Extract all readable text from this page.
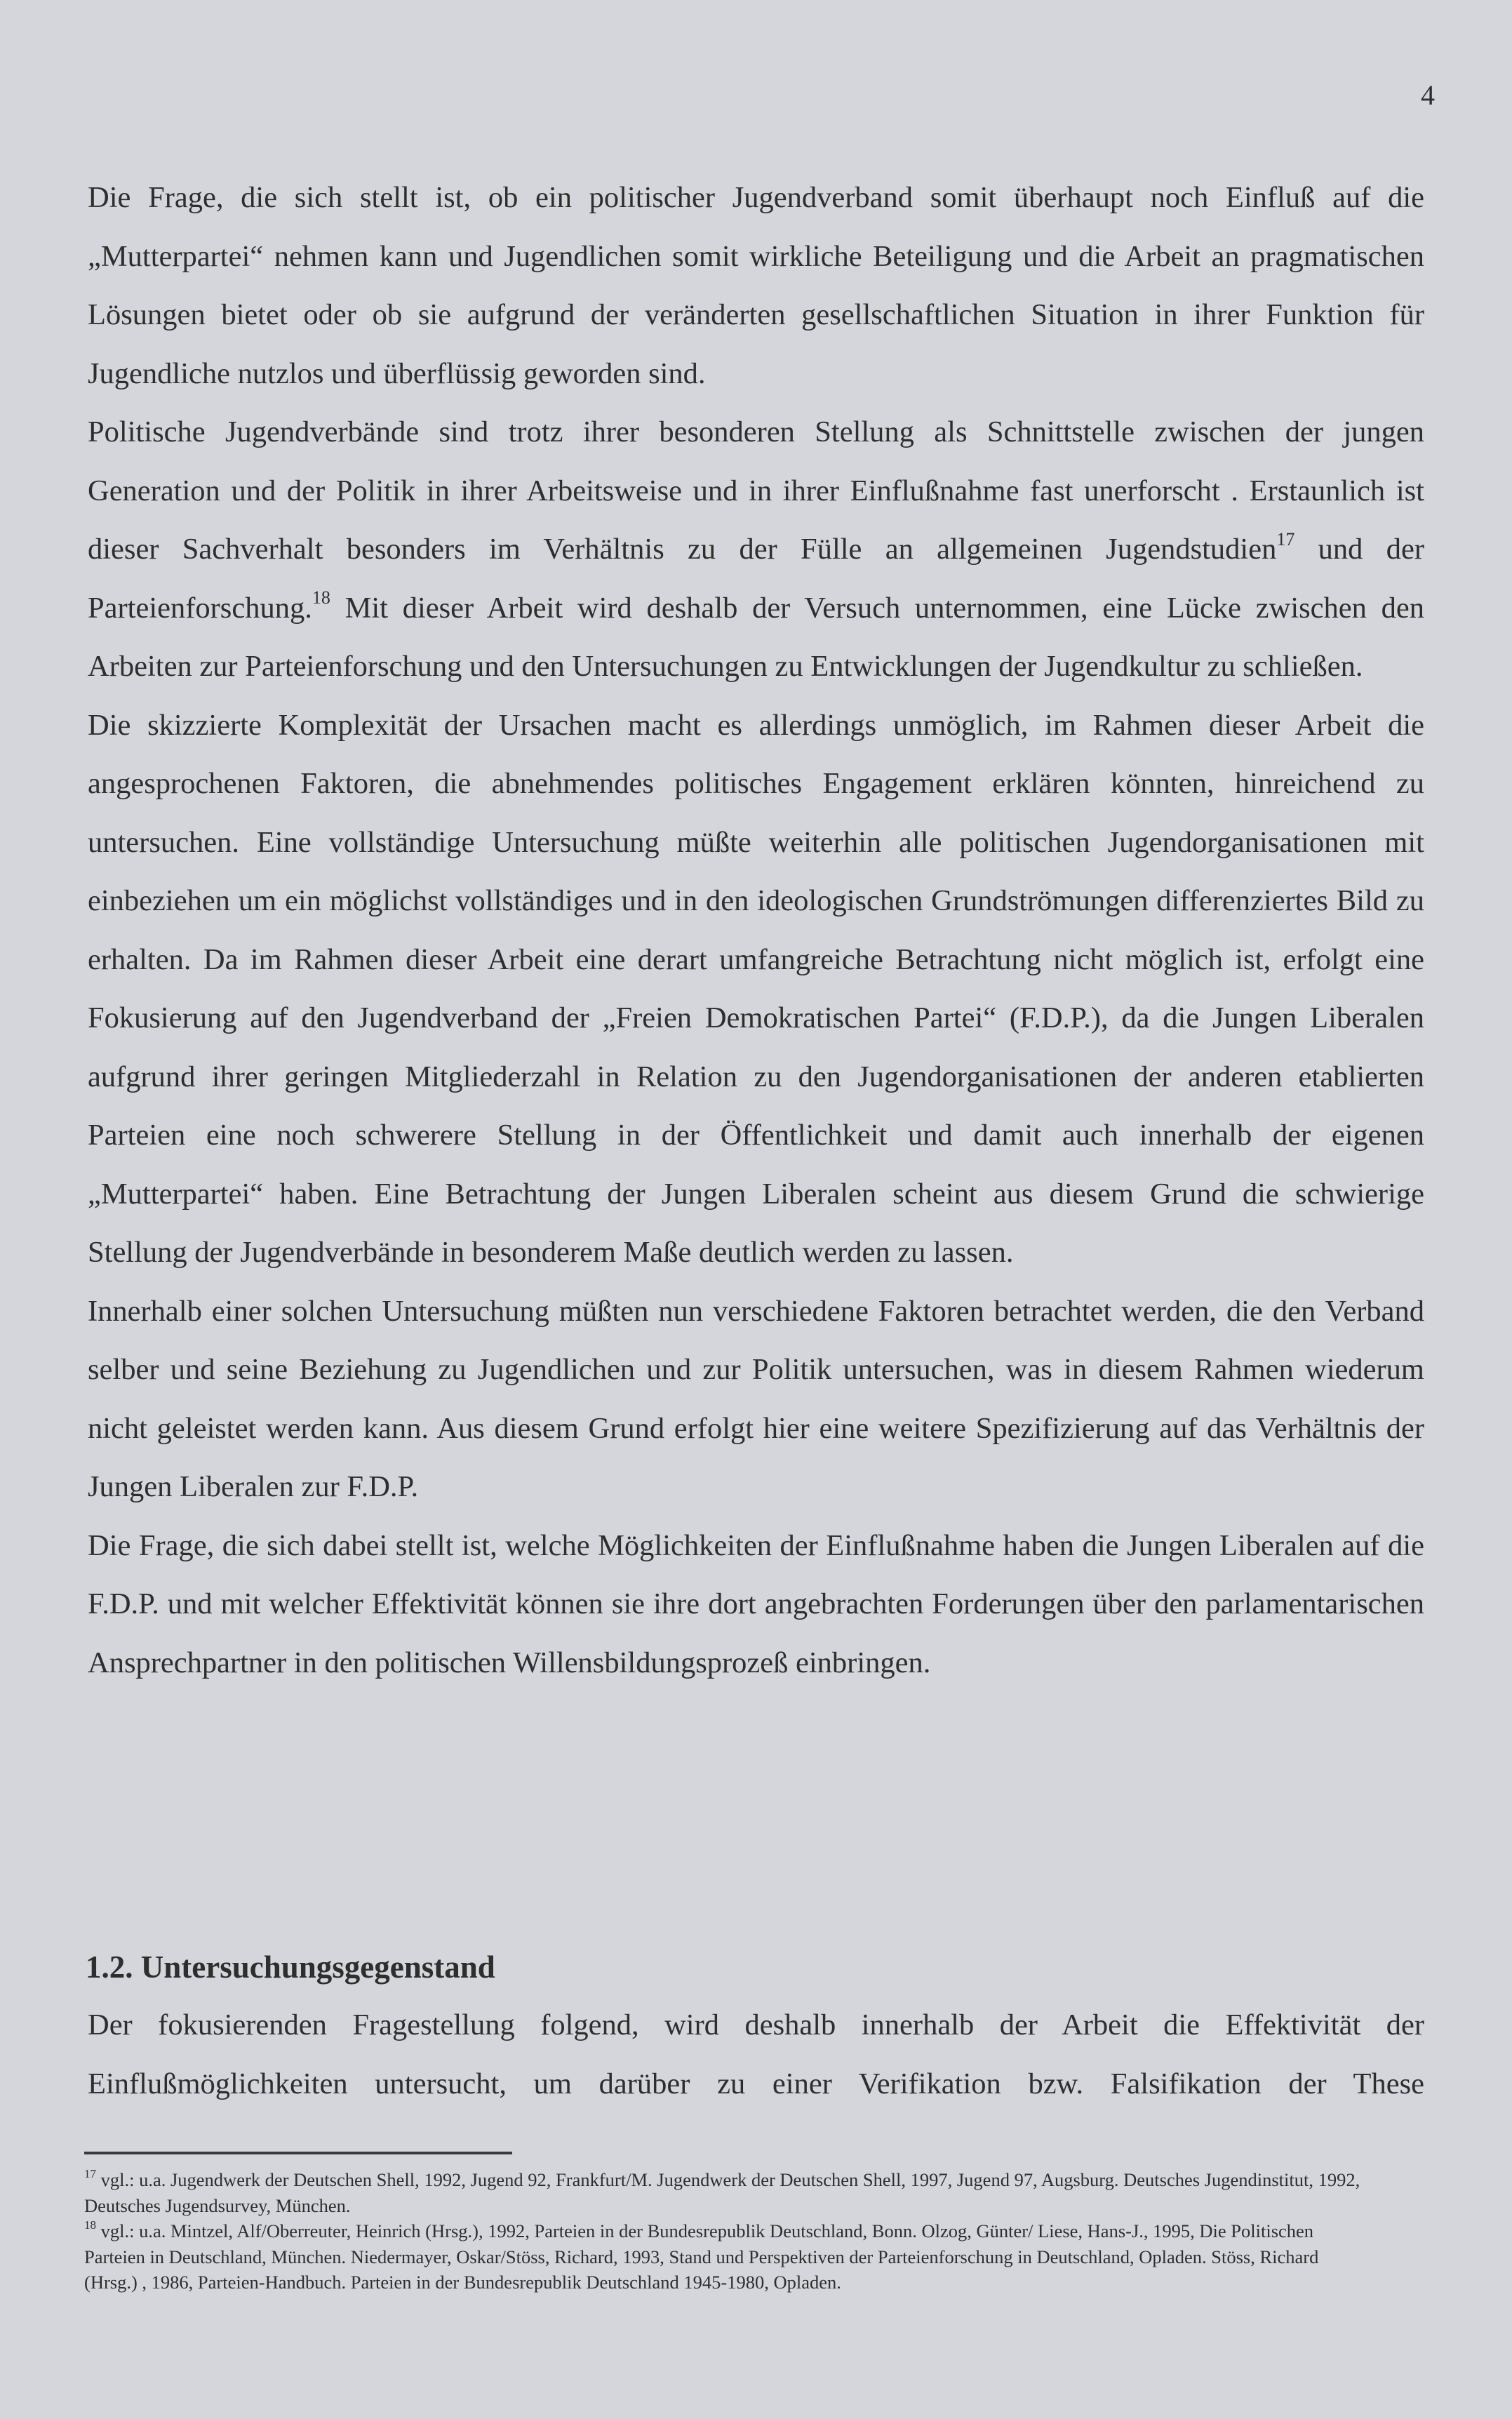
4

Die Frage, die sich stellt ist, ob ein politischer Jugendverband somit überhaupt noch Einfluß auf die „Mutterpartei“ nehmen kann und Jugendlichen somit wirkliche Beteiligung und die Arbeit an pragmatischen Lösungen bietet oder ob sie aufgrund der veränderten gesellschaftlichen Situation in ihrer Funktion für Jugendliche nutzlos und überflüssig geworden sind.

Politische Jugendverbände sind trotz ihrer besonderen Stellung als Schnittstelle zwischen der jungen Generation und der Politik in ihrer Arbeitsweise und in ihrer Einflußnahme fast unerforscht . Erstaunlich ist dieser Sachverhalt besonders im Verhältnis zu der Fülle an allgemeinen Jugendstudien$^{17}$ und der Parteienforschung.$^{18}$ Mit dieser Arbeit wird deshalb der Versuch unternommen, eine Lücke zwischen den Arbeiten zur Parteienforschung und den Untersuchungen zu Entwicklungen der Jugendkultur zu schließen.

Die skizzierte Komplexität der Ursachen macht es allerdings unmöglich, im Rahmen dieser Arbeit die angesprochenen Faktoren, die abnehmendes politisches Engagement erklären könnten, hinreichend zu untersuchen. Eine vollständige Untersuchung müßte weiterhin alle politischen Jugendorganisationen mit einbeziehen um ein möglichst vollständiges und in den ideologischen Grundströmungen differenziertes Bild zu erhalten. Da im Rahmen dieser Arbeit eine derart umfangreiche Betrachtung nicht möglich ist, erfolgt eine Fokusierung auf den Jugendverband der „Freien Demokratischen Partei“ (F.D.P.), da die Jungen Liberalen aufgrund ihrer geringen Mitgliederzahl in Relation zu den Jugendorganisationen der anderen etablierten Parteien eine noch schwerere Stellung in der Öffentlichkeit und damit auch innerhalb der eigenen „Mutterpartei“ haben. Eine Betrachtung der Jungen Liberalen scheint aus diesem Grund die schwierige Stellung der Jugendverbände in besonderem Maße deutlich werden zu lassen.

Innerhalb einer solchen Untersuchung müßten nun verschiedene Faktoren betrachtet werden, die den Verband selber und seine Beziehung zu Jugendlichen und zur Politik untersuchen, was in diesem Rahmen wiederum nicht geleistet werden kann. Aus diesem Grund erfolgt hier eine weitere Spezifizierung auf das Verhältnis der Jungen Liberalen zur F.D.P.

Die Frage, die sich dabei stellt ist, welche Möglichkeiten der Einflußnahme haben die Jungen Liberalen auf die F.D.P. und mit welcher Effektivität können sie ihre dort angebrachten Forderungen über den parlamentarischen Ansprechpartner in den politischen Willensbildungsprozeß einbringen.

1.2. Untersuchungsgegenstand

Der fokusierenden Fragestellung folgend, wird deshalb innerhalb der Arbeit die Effektivität der Einflußmöglichkeiten untersucht, um darüber zu einer Verifikation bzw. Falsifikation der These

$^{17}$ vgl.: u.a. Jugendwerk der Deutschen Shell, 1992, Jugend 92, Frankfurt/M. Jugendwerk der Deutschen Shell, 1997, Jugend 97, Augsburg. Deutsches Jugendinstitut, 1992, Deutsches Jugendsurvey, München.

$^{18}$ vgl.: u.a. Mintzel, Alf/Oberreuter, Heinrich (Hrsg.), 1992, Parteien in der Bundesrepublik Deutschland, Bonn. Olzog, Günter/ Liese, Hans-J., 1995, Die Politischen Parteien in Deutschland, München. Niedermayer, Oskar/Stöss, Richard, 1993, Stand und Perspektiven der Parteienforschung in Deutschland, Opladen. Stöss, Richard (Hrsg.) , 1986, Parteien-Handbuch. Parteien in der Bundesrepublik Deutschland 1945-1980, Opladen.
